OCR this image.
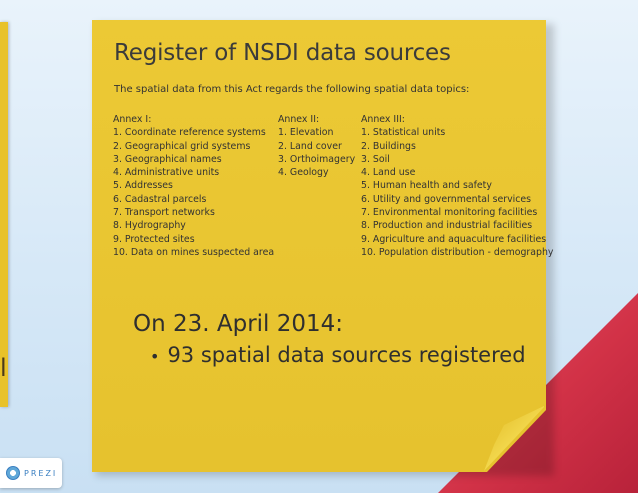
l
Register of NSDI data sources
The spatial data from this Act regards the following spatial data topics:
Annex I:
1. Coordinate reference systems
2. Geographical grid systems
3. Geographical names
4. Administrative units
5. Addresses
6. Cadastral parcels
7. Transport networks
8. Hydrography
9. Protected sites
10. Data on mines suspected area
Annex II:
1. Elevation
2. Land cover
3. Orthoimagery
4. Geology
Annex III:
1. Statistical units
2. Buildings
3. Soil
4. Land use
5. Human health and safety
6. Utility and governmental services
7. Environmental monitoring facilities
8. Production and industrial facilities
9. Agriculture and aquaculture facilities
10. Population distribution - demography
On 23. April 2014:
• 93 spatial data sources registered
PREZI
